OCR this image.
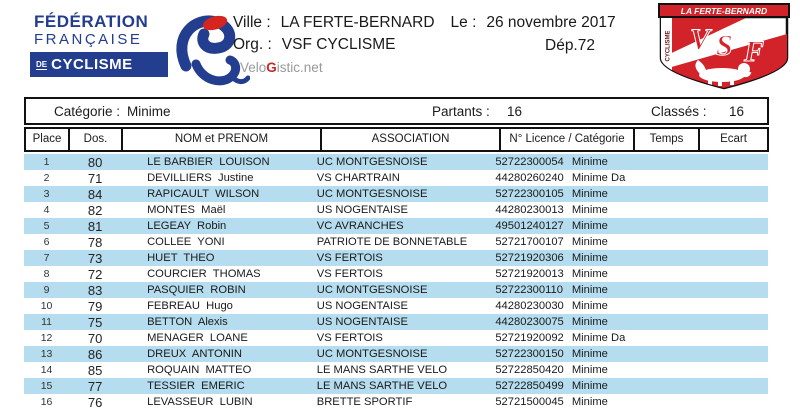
FÉDÉRATION
FRANÇAISE
DE CYCLISME
Ville : LA FERTE-BERNARD Le : 26 novembre 2017
Org. : VSF CYCLISME	Dép.72
VeloGistic.net
CYCLISME V S F
LA FERTE-BERNARD
Catégorie : Minime	Partants : 16	Classés : 16
Place	Dos.	NOM et PRENOM	ASSOCIATION	N° Licence / Catégorie	Temps	Ecart
1	80	LE BARBIER  LOUISON	UC MONTGESNOISE	52722300054 Minime
2	71	DEVILLIERS  Justine	VS CHARTRAIN	44280260240 Minime Da
3	84	RAPICAULT  WILSON	UC MONTGESNOISE	52722300105 Minime
4	82	MONTES  Maël	US NOGENTAISE	44280230013 Minime
5	81	LEGEAY  Robin	VC AVRANCHES	49501240127 Minime
6	78	COLLEE  YONI	PATRIOTE DE BONNETABLE	52721700107 Minime
7	73	HUET  THEO	VS FERTOIS	52721920306 Minime
8	72	COURCIER  THOMAS	VS FERTOIS	52721920013 Minime
9	83	PASQUIER  ROBIN	UC MONTGESNOISE	52722300110 Minime
10	79	FEBREAU  Hugo	US NOGENTAISE	44280230030 Minime
11	75	BETTON  Alexis	US NOGENTAISE	44280230075 Minime
12	70	MENAGER  LOANE	VS FERTOIS	52721920092 Minime Da
13	86	DREUX  ANTONIN	UC MONTGESNOISE	52722300150 Minime
14	85	ROQUAIN  MATTEO	LE MANS SARTHE VELO	52722850420 Minime
15	77	TESSIER  EMERIC	LE MANS SARTHE VELO	52722850499 Minime
16	76	LEVASSEUR  LUBIN	BRETTE SPORTIF	52721500045 Minime
